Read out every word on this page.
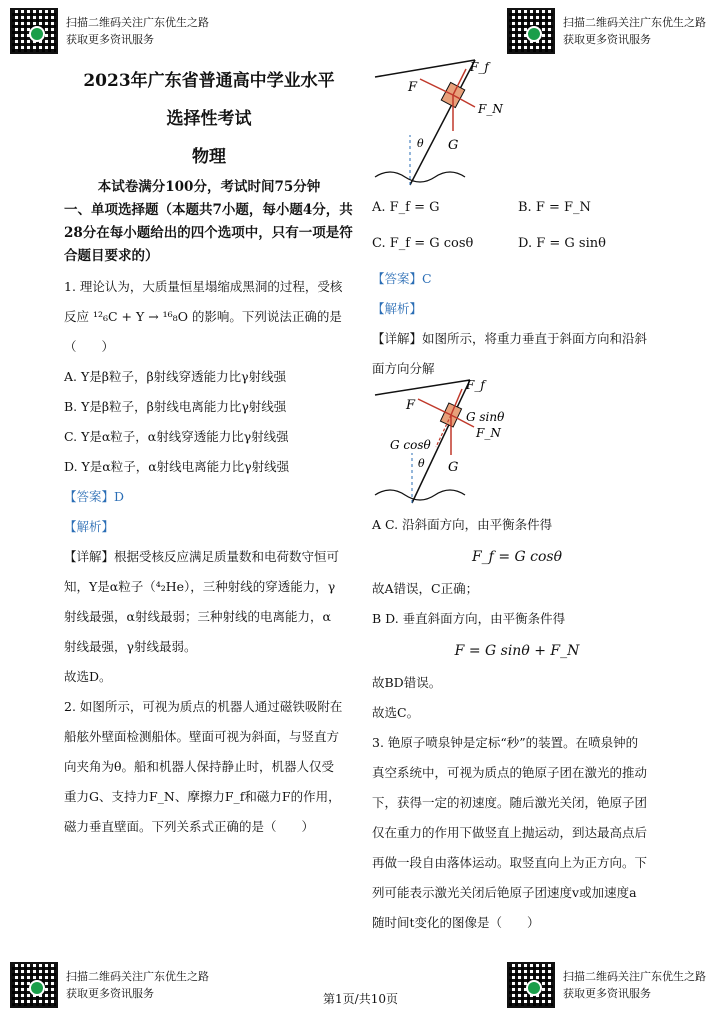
扫描二维码关注广东优生之路
获取更多资讯服务
扫描二维码关注广东优生之路
获取更多资讯服务

2023年广东省普通高中学业水平

选择性考试

物理

本试卷满分100分，考试时间75分钟

一、单项选择题（本题共7小题，每小题4分，共28分在每小题给出的四个选项中，只有一项是符合题目要求的）

1. 理论认为，大质量恒星塌缩成黑洞的过程，受核

反应 ¹²₆C + Y → ¹⁶₈O 的影响。下列说法正确的是

（　　）

A. Y是β粒子，β射线穿透能力比γ射线强

B. Y是β粒子，β射线电离能力比γ射线强

C. Y是α粒子，α射线穿透能力比γ射线强

D. Y是α粒子，α射线电离能力比γ射线强

【答案】D

【解析】

【详解】根据受核反应满足质量数和电荷数守恒可

知，Y是α粒子（⁴₂He），三种射线的穿透能力，γ

射线最强，α射线最弱；三种射线的电离能力，α

射线最强，γ射线最弱。

故选D。

2. 如图所示，可视为质点的机器人通过磁铁吸附在

船舷外壁面检测船体。壁面可视为斜面，与竖直方

向夹角为θ。船和机器人保持静止时，机器人仅受

重力G、支持力F_N、摩擦力F_f和磁力F的作用，

磁力垂直壁面。下列关系式正确的是（　　）

F
F_f
F_N
G
θ
A. F_f = G	B. F = F_N
C. F_f = G cosθ	D. F = G sinθ

【答案】C

【解析】

【详解】如图所示，将重力垂直于斜面方向和沿斜

面方向分解

F
F_f
G sinθ
F_N
G cosθ
G
θ

A C. 沿斜面方向，由平衡条件得

F_f = G cosθ

故A错误，C正确；

B D. 垂直斜面方向，由平衡条件得

F = G sinθ + F_N

故BD错误。

故选C。

3. 铯原子喷泉钟是定标“秒”的装置。在喷泉钟的

真空系统中，可视为质点的铯原子团在激光的推动

下，获得一定的初速度。随后激光关闭，铯原子团

仅在重力的作用下做竖直上抛运动，到达最高点后

再做一段自由落体运动。取竖直向上为正方向。下

列可能表示激光关闭后铯原子团速度v或加速度a

随时间t变化的图像是（　　）

扫描二维码关注广东优生之路
获取更多资讯服务
扫描二维码关注广东优生之路
获取更多资讯服务
第1页/共10页
